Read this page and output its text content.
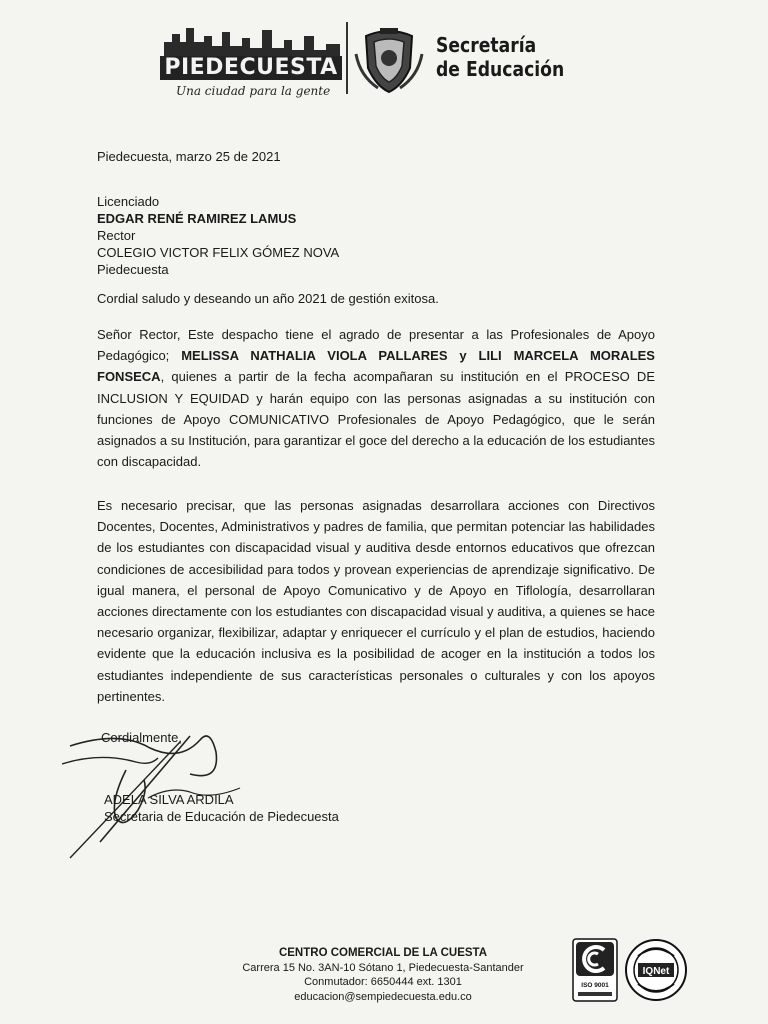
PIEDECUESTA
Una ciudad para la gente
Secretaría
de Educación
Piedecuesta, marzo 25 de 2021
Licenciado
EDGAR RENÉ RAMIREZ LAMUS
Rector
COLEGIO VICTOR FELIX GÓMEZ NOVA
Piedecuesta
Cordial saludo y deseando un año 2021 de gestión exitosa.
Señor Rector, Este despacho tiene el agrado de presentar a las Profesionales de Apoyo Pedagógico; MELISSA NATHALIA VIOLA PALLARES y LILI MARCELA MORALES FONSECA, quienes a partir de la fecha acompañaran su institución en el PROCESO DE INCLUSION Y EQUIDAD y harán equipo con las personas asignadas a su institución con funciones de Apoyo COMUNICATIVO Profesionales de Apoyo Pedagógico, que le serán asignados a su Institución, para garantizar el goce del derecho a la educación de los estudiantes con discapacidad.
Es necesario precisar, que las personas asignadas desarrollara acciones con Directivos Docentes, Docentes, Administrativos y padres de familia, que permitan potenciar las habilidades de los estudiantes con discapacidad visual y auditiva desde entornos educativos que ofrezcan condiciones de accesibilidad para todos y provean experiencias de aprendizaje significativo. De igual manera, el personal de Apoyo Comunicativo y de Apoyo en Tiflología, desarrollaran acciones directamente con los estudiantes con discapacidad visual y auditiva, a quienes se hace necesario organizar, flexibilizar, adaptar y enriquecer el currículo y el plan de estudios, haciendo evidente que la educación inclusiva es la posibilidad de acoger en la institución a todos los estudiantes independiente de sus características personales o culturales y con los apoyos pertinentes.
Cordialmente,
ADELA SILVA ARDILA
Secretaria de Educación de Piedecuesta
CENTRO COMERCIAL DE LA CUESTA
Carrera 15 No. 3AN-10 Sótano 1, Piedecuesta-Santander
Conmutador: 6650444 ext. 1301
educacion@sempiedecuesta.edu.co
ISO 9001
IQNet
